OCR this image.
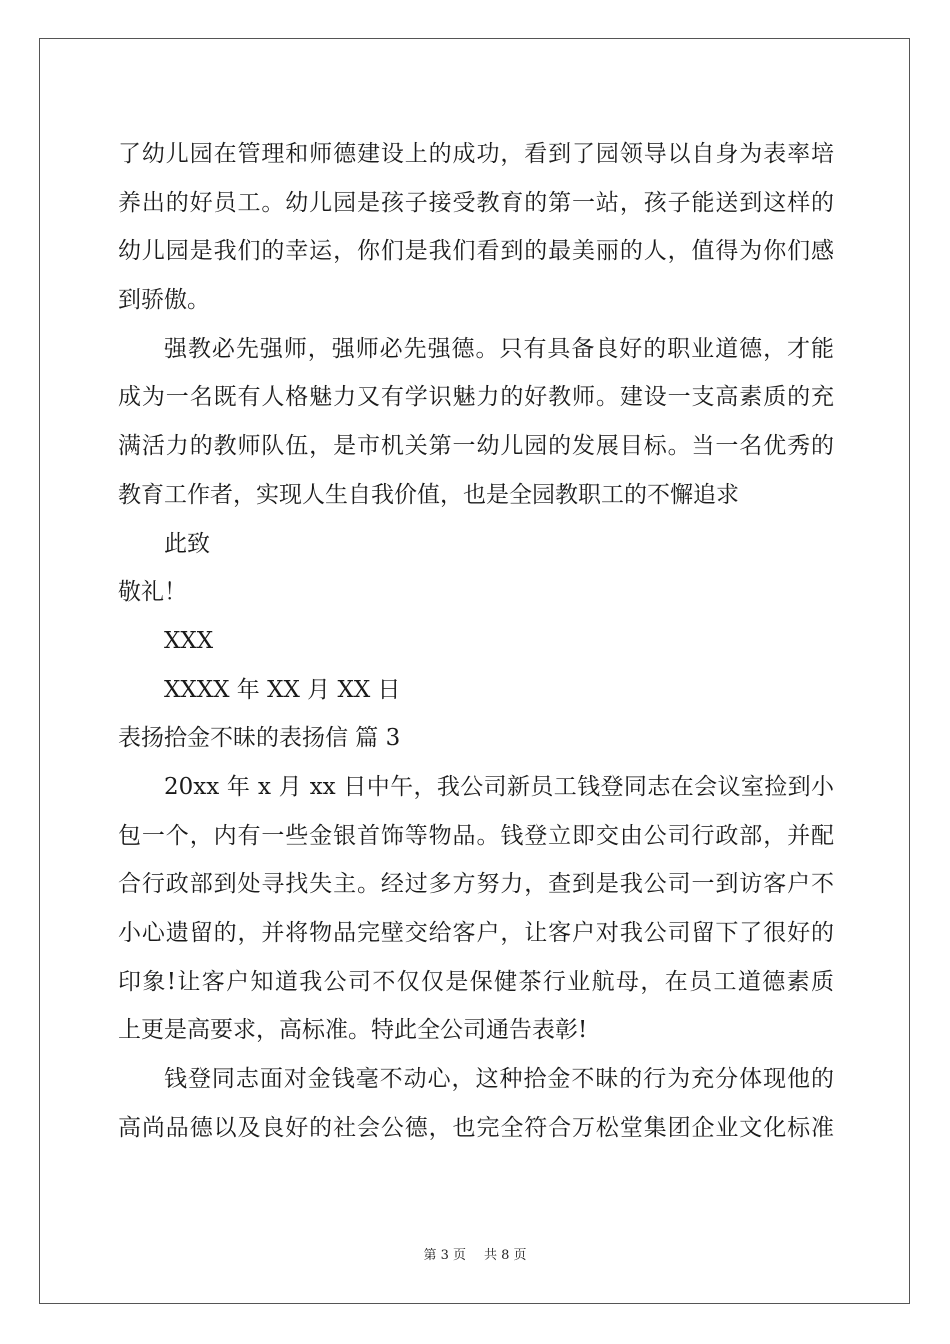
了幼儿园在管理和师德建设上的成功，看到了园领导以自身为表率培
养出的好员工。幼儿园是孩子接受教育的第一站，孩子能送到这样的
幼儿园是我们的幸运，你们是我们看到的最美丽的人，值得为你们感
到骄傲。
强教必先强师，强师必先强德。只有具备良好的职业道德，才能
成为一名既有人格魅力又有学识魅力的好教师。建设一支高素质的充
满活力的教师队伍，是市机关第一幼儿园的发展目标。当一名优秀的
教育工作者，实现人生自我价值，也是全园教职工的不懈追求
此致
敬礼！
XXX
XXXX 年 XX 月 XX 日
表扬拾金不昧的表扬信 篇 3
20xx 年 x 月 xx 日中午，我公司新员工钱登同志在会议室捡到小
包一个，内有一些金银首饰等物品。钱登立即交由公司行政部，并配
合行政部到处寻找失主。经过多方努力，查到是我公司一到访客户不
小心遗留的，并将物品完壁交给客户，让客户对我公司留下了很好的
印象!让客户知道我公司不仅仅是保健茶行业航母，在员工道德素质
上更是高要求，高标准。特此全公司通告表彰!
钱登同志面对金钱毫不动心，这种拾金不昧的行为充分体现他的
高尚品德以及良好的社会公德，也完全符合万松堂集团企业文化标准
第 3 页 共 8 页
